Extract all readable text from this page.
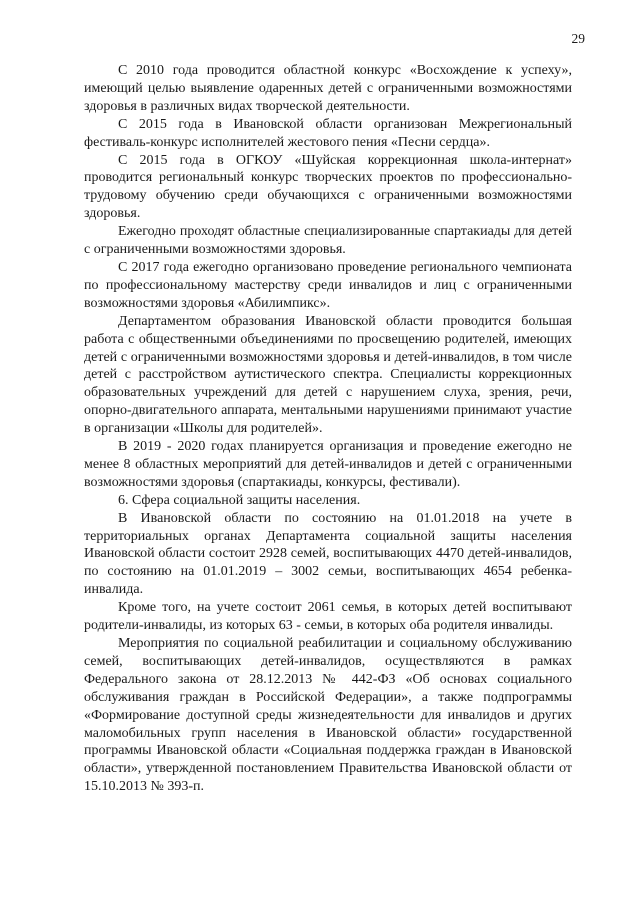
29

С 2010 года проводится областной конкурс «Восхождение к успеху», имеющий целью выявление одаренных детей с ограниченными возможностями здоровья в различных видах творческой деятельности.

С 2015 года в Ивановской области организован Межрегиональный фестиваль-конкурс исполнителей жестового пения «Песни сердца».

С 2015 года в ОГКОУ «Шуйская коррекционная школа-интернат» проводится региональный конкурс творческих проектов по профессионально-трудовому обучению среди обучающихся с ограниченными возможностями здоровья.

Ежегодно проходят областные специализированные спартакиады для детей с ограниченными возможностями здоровья.

С 2017 года ежегодно организовано проведение регионального чемпионата по профессиональному мастерству среди инвалидов и лиц с ограниченными возможностями здоровья «Абилимпикс».

Департаментом образования Ивановской области проводится большая работа с общественными объединениями по просвещению родителей, имеющих детей с ограниченными возможностями здоровья и детей-инвалидов, в том числе детей с расстройством аутистического спектра. Специалисты коррекционных образовательных учреждений для детей с нарушением слуха, зрения, речи, опорно-двигательного аппарата, ментальными нарушениями принимают участие в организации «Школы для родителей».

В 2019 - 2020 годах планируется организация и проведение ежегодно не менее 8 областных мероприятий для детей-инвалидов и детей с ограниченными возможностями здоровья (спартакиады, конкурсы, фестивали).

6. Сфера социальной защиты населения.

В Ивановской области по состоянию на 01.01.2018 на учете в территориальных органах Департамента социальной защиты населения Ивановской области состоит 2928 семей, воспитывающих 4470 детей-инвалидов, по состоянию на 01.01.2019 – 3002 семьи, воспитывающих 4654 ребенка-инвалида.

Кроме того, на учете состоит 2061 семья, в которых детей воспитывают родители-инвалиды, из которых 63 - семьи, в которых оба родителя инвалиды.

Мероприятия по социальной реабилитации и социальному обслуживанию семей, воспитывающих детей-инвалидов, осуществляются в рамках Федерального закона от 28.12.2013 № 442-ФЗ «Об основах социального обслуживания граждан в Российской Федерации», а также подпрограммы «Формирование доступной среды жизнедеятельности для инвалидов и других маломобильных групп населения в Ивановской области» государственной программы Ивановской области «Социальная поддержка граждан в Ивановской области», утвержденной постановлением Правительства Ивановской области от 15.10.2013 № 393-п.
